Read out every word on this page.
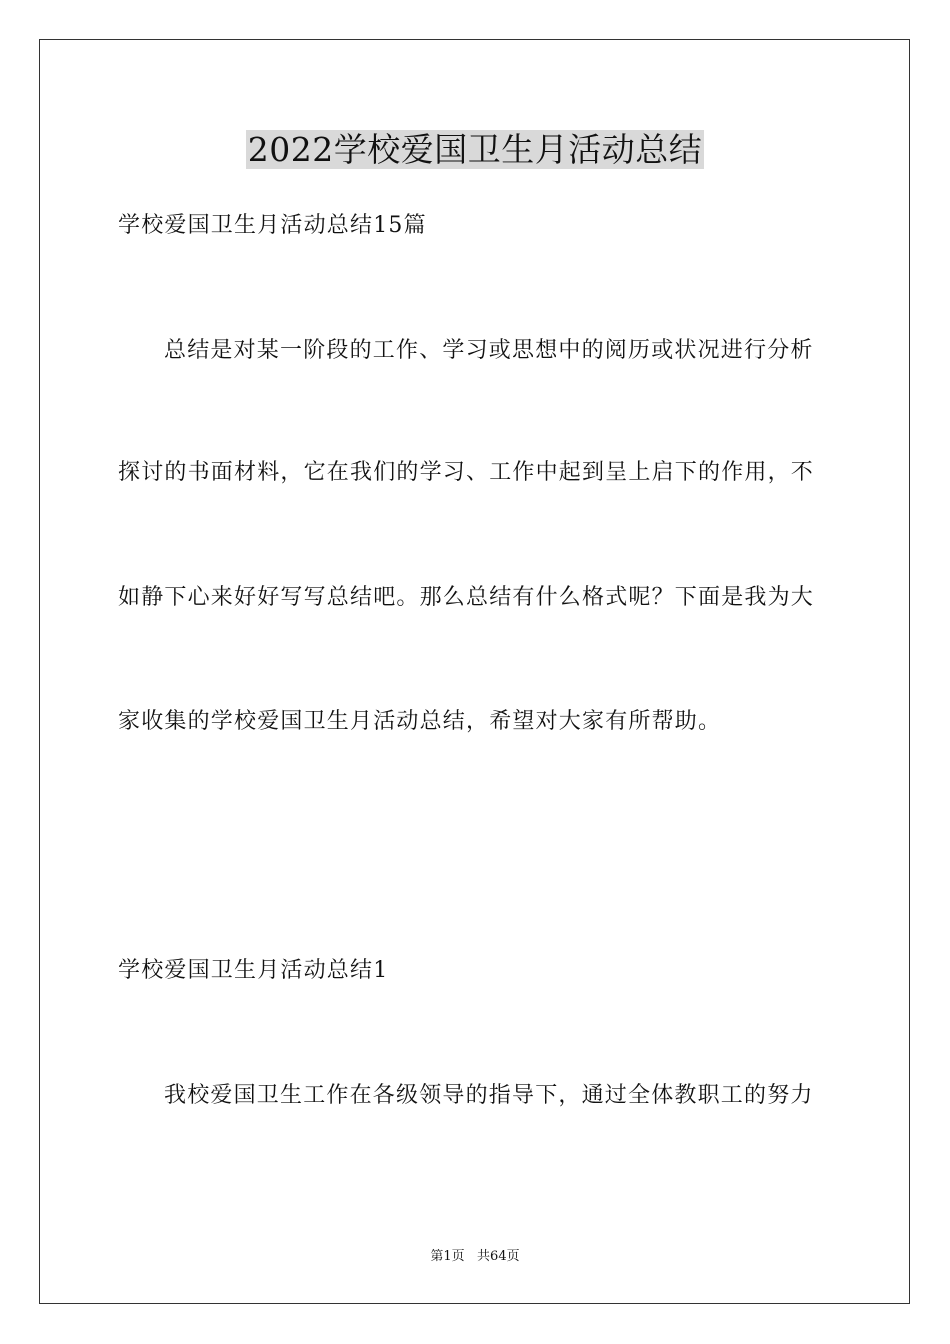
2022学校爱国卫生月活动总结
学校爱国卫生月活动总结15篇
总结是对某一阶段的工作、学习或思想中的阅历或状况进行分析
探讨的书面材料，它在我们的学习、工作中起到呈上启下的作用，不
如静下心来好好写写总结吧。那么总结有什么格式呢？下面是我为大
家收集的学校爱国卫生月活动总结，希望对大家有所帮助。
学校爱国卫生月活动总结1
我校爱国卫生工作在各级领导的指导下，通过全体教职工的努力
第1页   共64页
